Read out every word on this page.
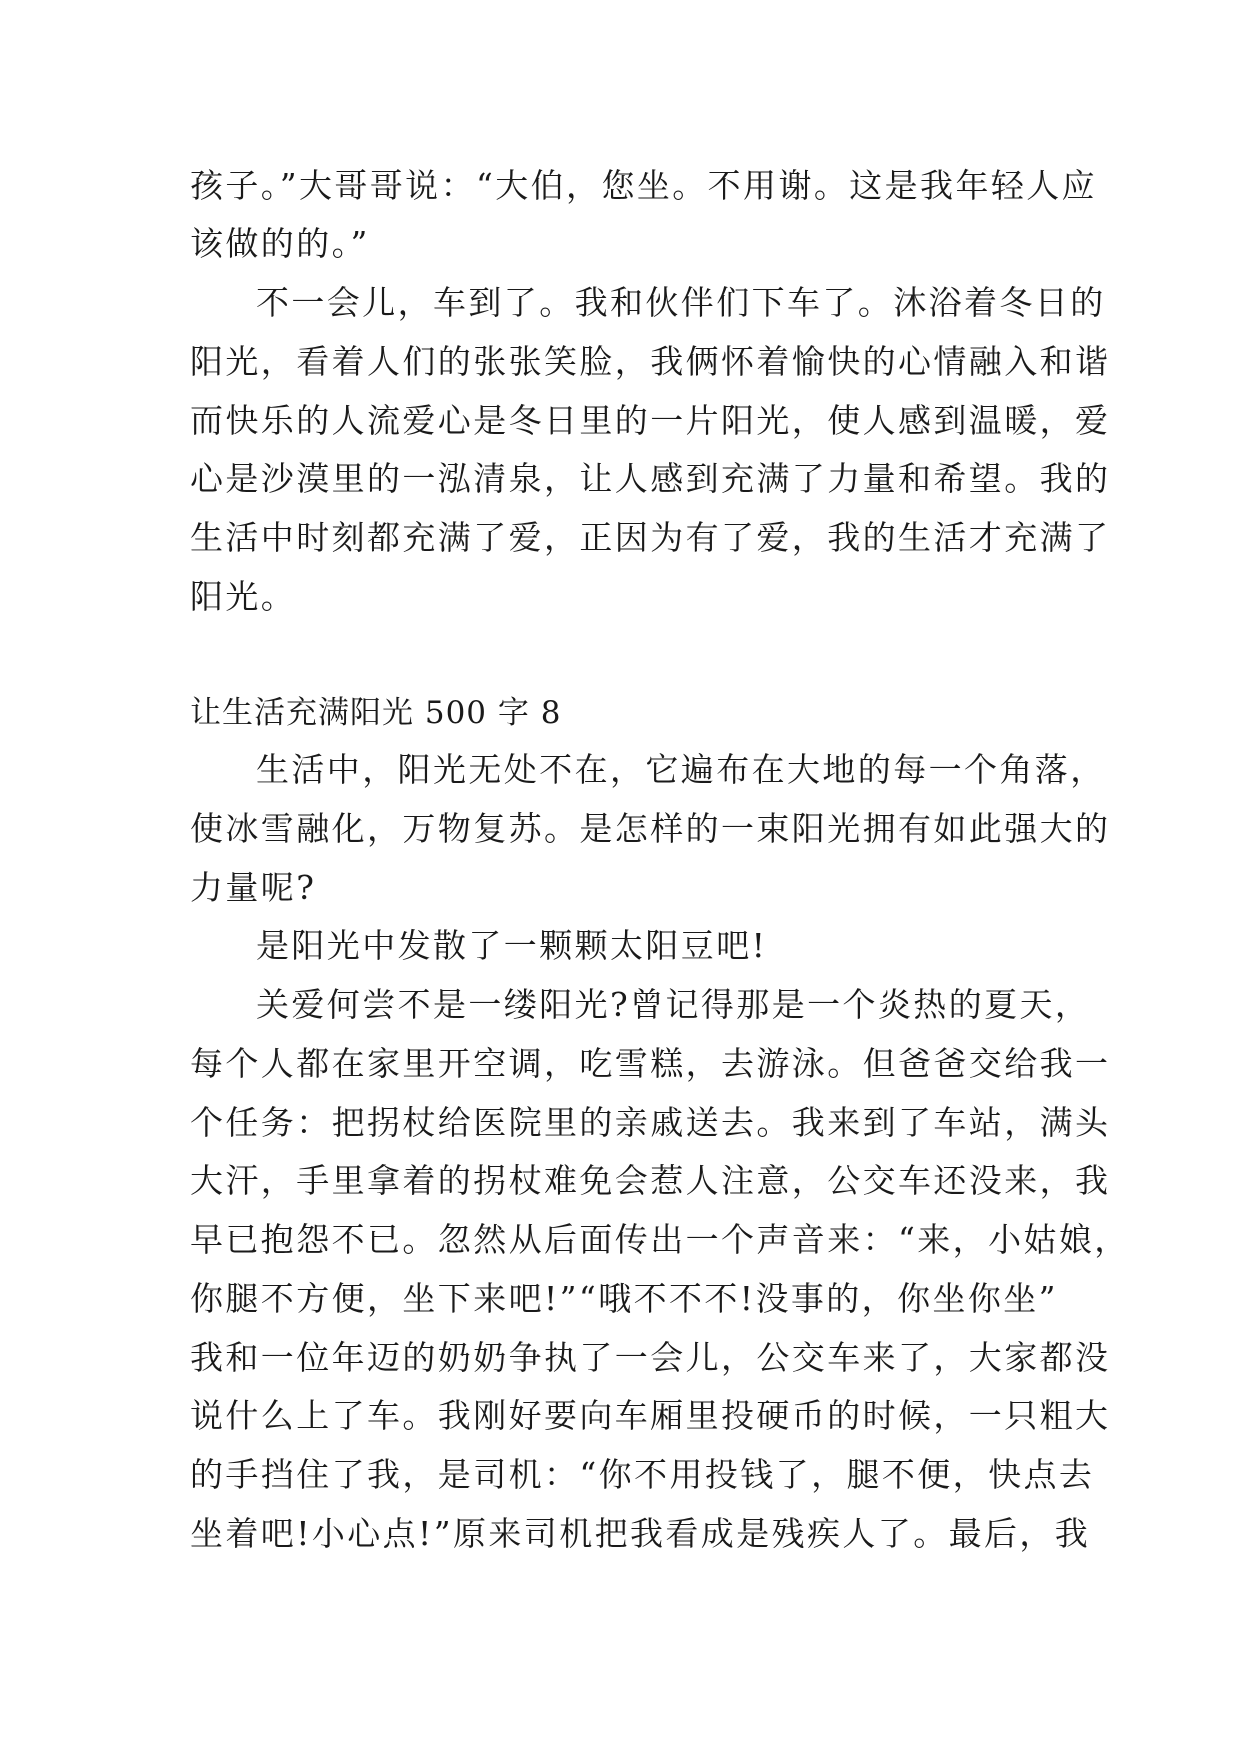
孩子。”大哥哥说：“大伯，您坐。不用谢。这是我年轻人应
该做的的。”
不一会儿，车到了。我和伙伴们下车了。沐浴着冬日的
阳光，看着人们的张张笑脸，我俩怀着愉快的心情融入和谐
而快乐的人流爱心是冬日里的一片阳光，使人感到温暖，爱
心是沙漠里的一泓清泉，让人感到充满了力量和希望。我的
生活中时刻都充满了爱，正因为有了爱，我的生活才充满了
阳光。
让生活充满阳光 500 字 8
生活中，阳光无处不在，它遍布在大地的每一个角落，
使冰雪融化，万物复苏。是怎样的一束阳光拥有如此强大的
力量呢?
是阳光中发散了一颗颗太阳豆吧!
关爱何尝不是一缕阳光?曾记得那是一个炎热的夏天，
每个人都在家里开空调，吃雪糕，去游泳。但爸爸交给我一
个任务：把拐杖给医院里的亲戚送去。我来到了车站，满头
大汗，手里拿着的拐杖难免会惹人注意，公交车还没来，我
早已抱怨不已。忽然从后面传出一个声音来：“来，小姑娘，
你腿不方便，坐下来吧!”“哦不不不!没事的，你坐你坐”
我和一位年迈的奶奶争执了一会儿，公交车来了，大家都没
说什么上了车。我刚好要向车厢里投硬币的时候，一只粗大
的手挡住了我，是司机：“你不用投钱了，腿不便，快点去
坐着吧!小心点!”原来司机把我看成是残疾人了。最后，我
